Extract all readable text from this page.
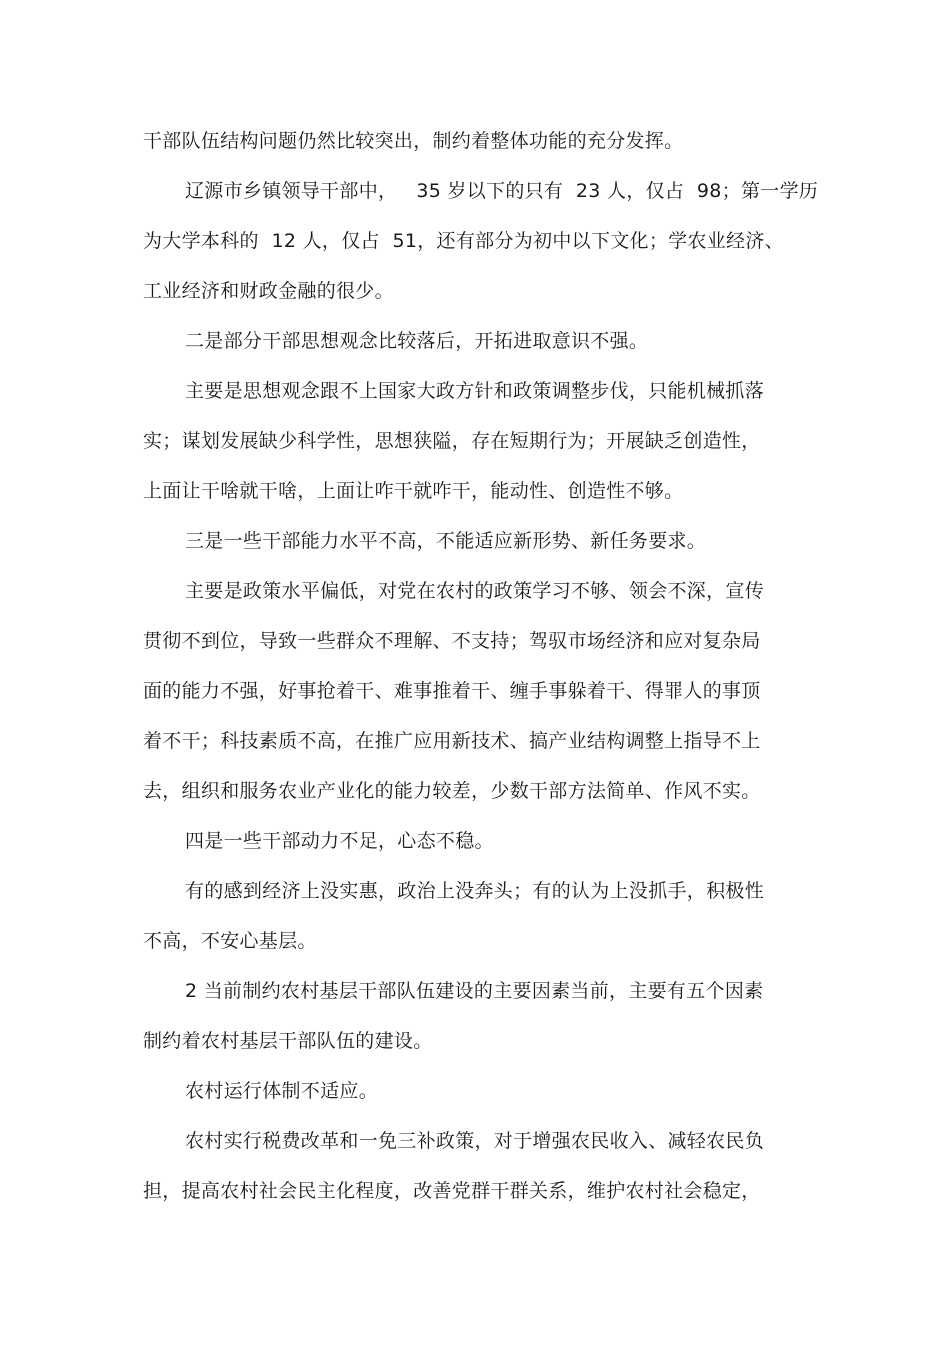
干部队伍结构问题仍然比较突出，制约着整体功能的充分发挥。
辽源市乡镇领导干部中，   35 岁以下的只有  23 人，仅占  98；第一学历
为大学本科的  12 人，仅占  51，还有部分为初中以下文化；学农业经济、
工业经济和财政金融的很少。
二是部分干部思想观念比较落后，开拓进取意识不强。
主要是思想观念跟不上国家大政方针和政策调整步伐，只能机械抓落
实；谋划发展缺少科学性，思想狭隘，存在短期行为；开展缺乏创造性，
上面让干啥就干啥，上面让咋干就咋干，能动性、创造性不够。
三是一些干部能力水平不高，不能适应新形势、新任务要求。
主要是政策水平偏低，对党在农村的政策学习不够、领会不深，宣传
贯彻不到位，导致一些群众不理解、不支持；驾驭市场经济和应对复杂局
面的能力不强，好事抢着干、难事推着干、缠手事躲着干、得罪人的事顶
着不干；科技素质不高，在推广应用新技术、搞产业结构调整上指导不上
去，组织和服务农业产业化的能力较差，少数干部方法简单、作风不实。
四是一些干部动力不足，心态不稳。
有的感到经济上没实惠，政治上没奔头；有的认为上没抓手，积极性
不高，不安心基层。
2 当前制约农村基层干部队伍建设的主要因素当前，主要有五个因素
制约着农村基层干部队伍的建设。
农村运行体制不适应。
农村实行税费改革和一免三补政策，对于增强农民收入、减轻农民负
担，提高农村社会民主化程度，改善党群干群关系，维护农村社会稳定，
